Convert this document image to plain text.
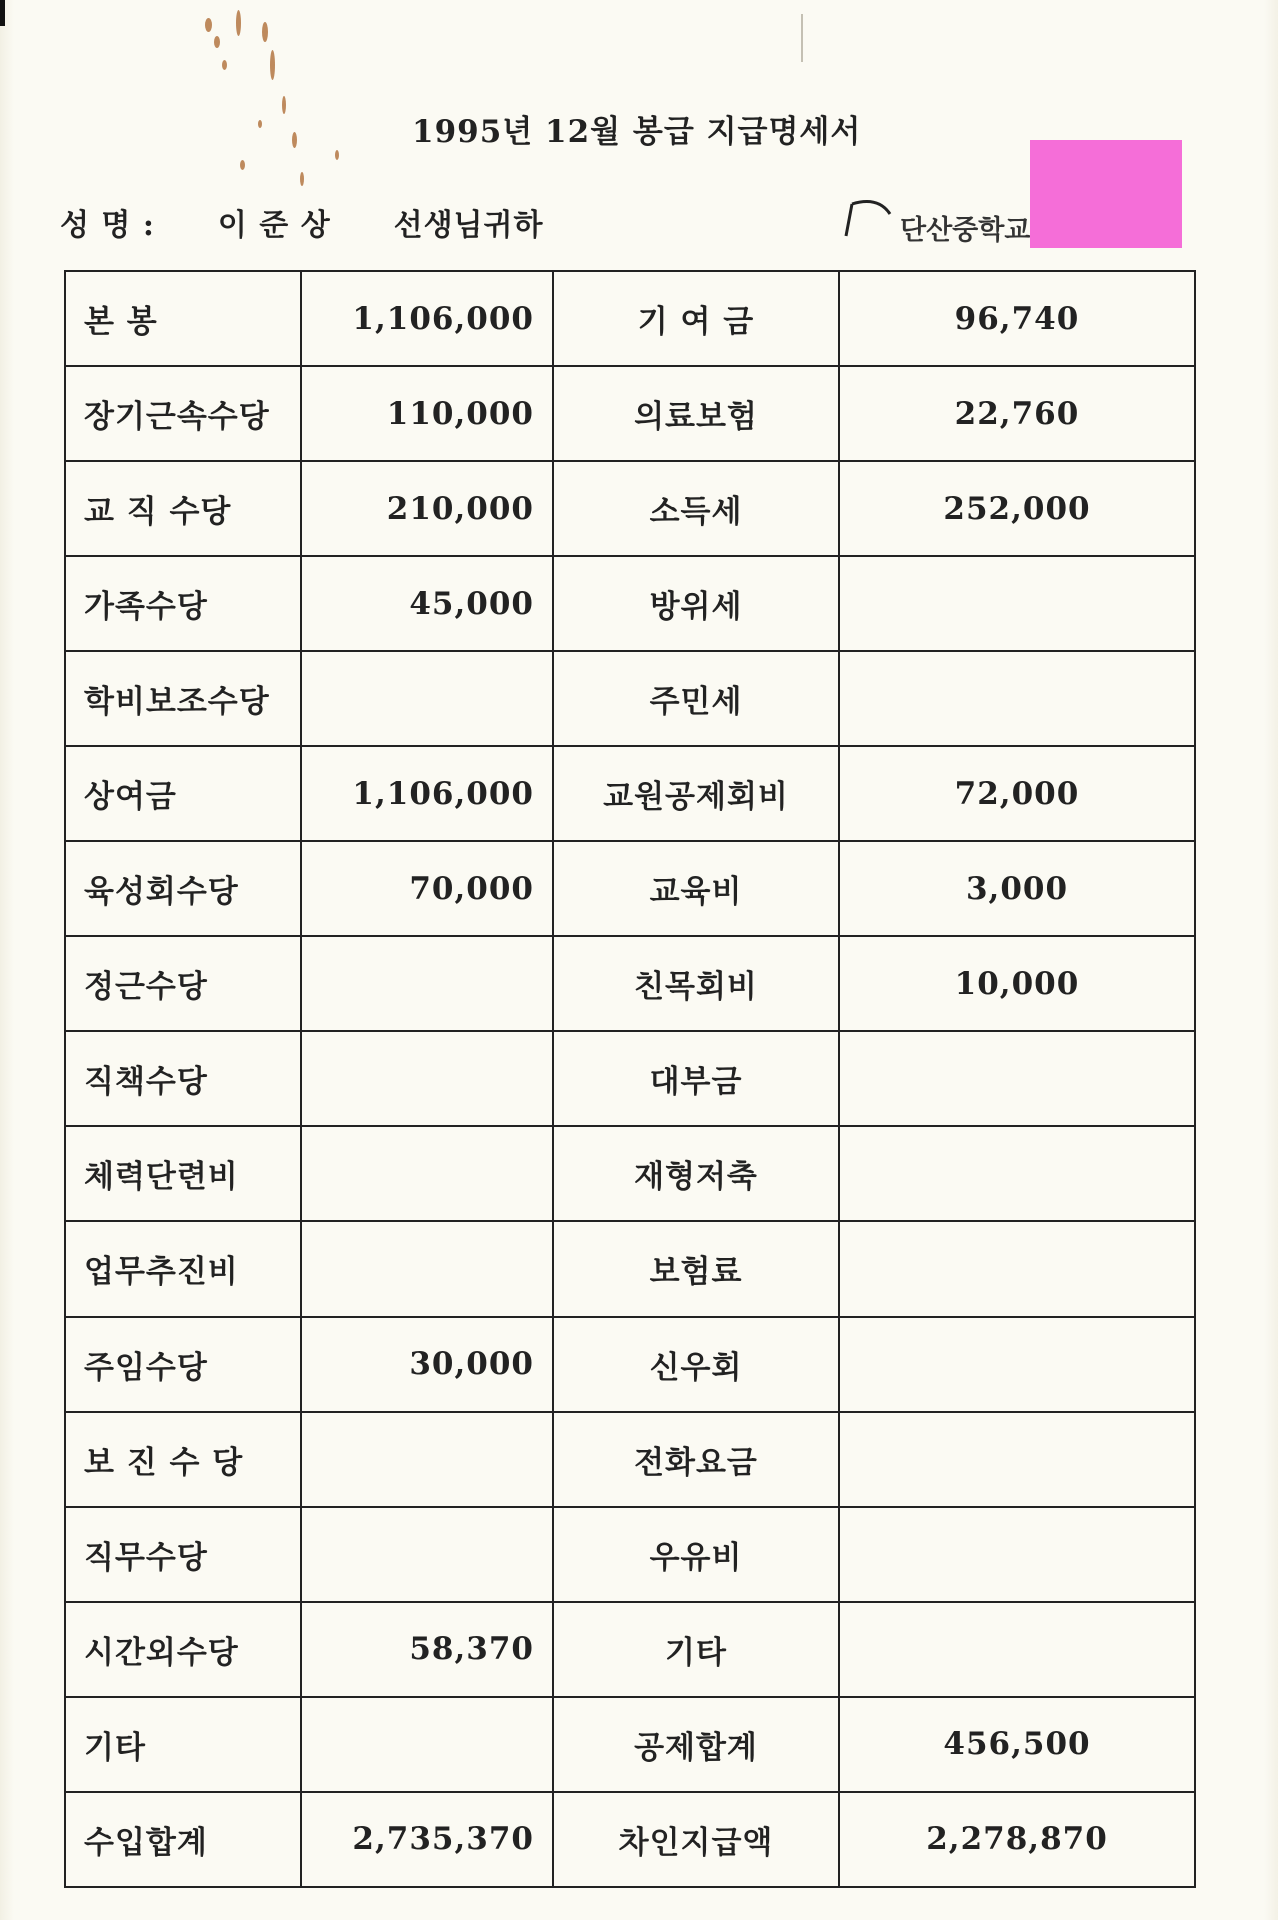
1995년 12월 봉급 지급명세서
성 명 : 이 준 상 선생님귀하	단산중학교
본 봉	1,106,000	기 여 금	96,740
장기근속수당	110,000	의료보험	22,760
교 직 수당	210,000	소득세	252,000
가족수당	45,000	방위세	
학비보조수당		주민세	
상여금	1,106,000	교원공제회비	72,000
육성회수당	70,000	교육비	3,000
정근수당		친목회비	10,000
직책수당		대부금	
체력단련비		재형저축	
업무추진비		보험료	
주임수당	30,000	신우회	
보 진 수 당		전화요금	
직무수당		우유비	
시간외수당	58,370	기타	
기타		공제합계	456,500
수입합계	2,735,370	차인지급액	2,278,870
